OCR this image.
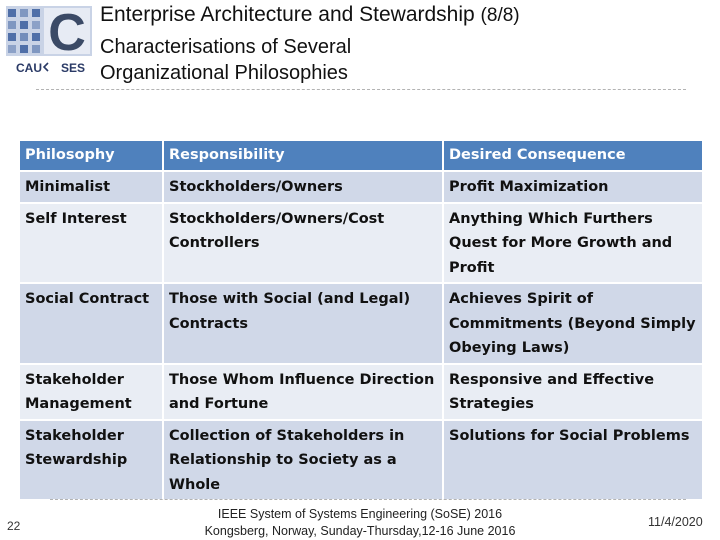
C
CAU SES
Enterprise Architecture and Stewardship (8/8)
Characterisations of Several
Organizational Philosophies
Philosophy	Responsibility	Desired Consequence
Minimalist	Stockholders/Owners	Profit Maximization
Self Interest	Stockholders/Owners/Cost Controllers	Anything Which Furthers Quest for More Growth and Profit
Social Contract	Those with Social (and Legal) Contracts	Achieves Spirit of Commitments (Beyond Simply Obeying Laws)
Stakeholder Management	Those Whom Influence Direction and Fortune	Responsive and Effective Strategies
Stakeholder Stewardship	Collection of Stakeholders in Relationship to Society as a Whole	Solutions for Social Problems
22
IEEE System of Systems Engineering (SoSE) 2016
Kongsberg, Norway, Sunday-Thursday,12-16 June 2016
11/4/2020
